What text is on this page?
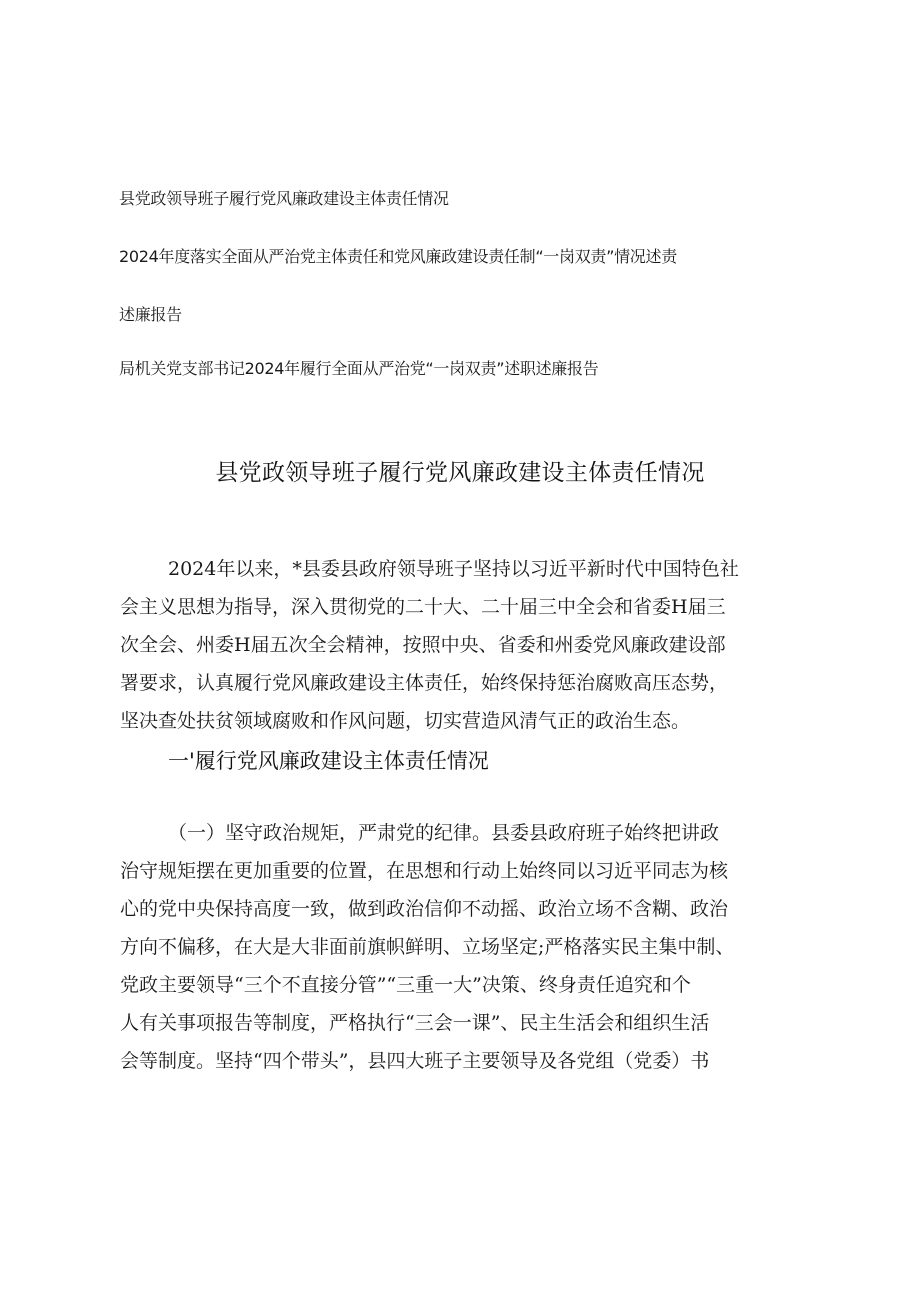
县党政领导班子履行党风廉政建设主体责任情况
2024年度落实全面从严治党主体责任和党风廉政建设责任制“一岗双责”情况述责
述廉报告
局机关党支部书记2024年履行全面从严治党“一岗双责”述职述廉报告
县党政领导班子履行党风廉政建设主体责任情况
2024年以来，*县委县政府领导班子坚持以习近平新时代中国特色社
会主义思想为指导，深入贯彻党的二十大、二十届三中全会和省委H届三
次全会、州委H届五次全会精神，按照中央、省委和州委党风廉政建设部
署要求，认真履行党风廉政建设主体责任，始终保持惩治腐败高压态势，
坚决查处扶贫领域腐败和作风问题，切实营造风清气正的政治生态。
一'履行党风廉政建设主体责任情况
（一）坚守政治规矩，严肃党的纪律。县委县政府班子始终把讲政
治守规矩摆在更加重要的位置，在思想和行动上始终同以习近平同志为核
心的党中央保持高度一致，做到政治信仰不动摇、政治立场不含糊、政治
方向不偏移，在大是大非面前旗帜鲜明、立场坚定;严格落实民主集中制、
党政主要领导“三个不直接分管”“三重一大”决策、终身责任追究和个
人有关事项报告等制度，严格执行“三会一课”、民主生活会和组织生活
会等制度。坚持“四个带头”，县四大班子主要领导及各党组（党委）书
